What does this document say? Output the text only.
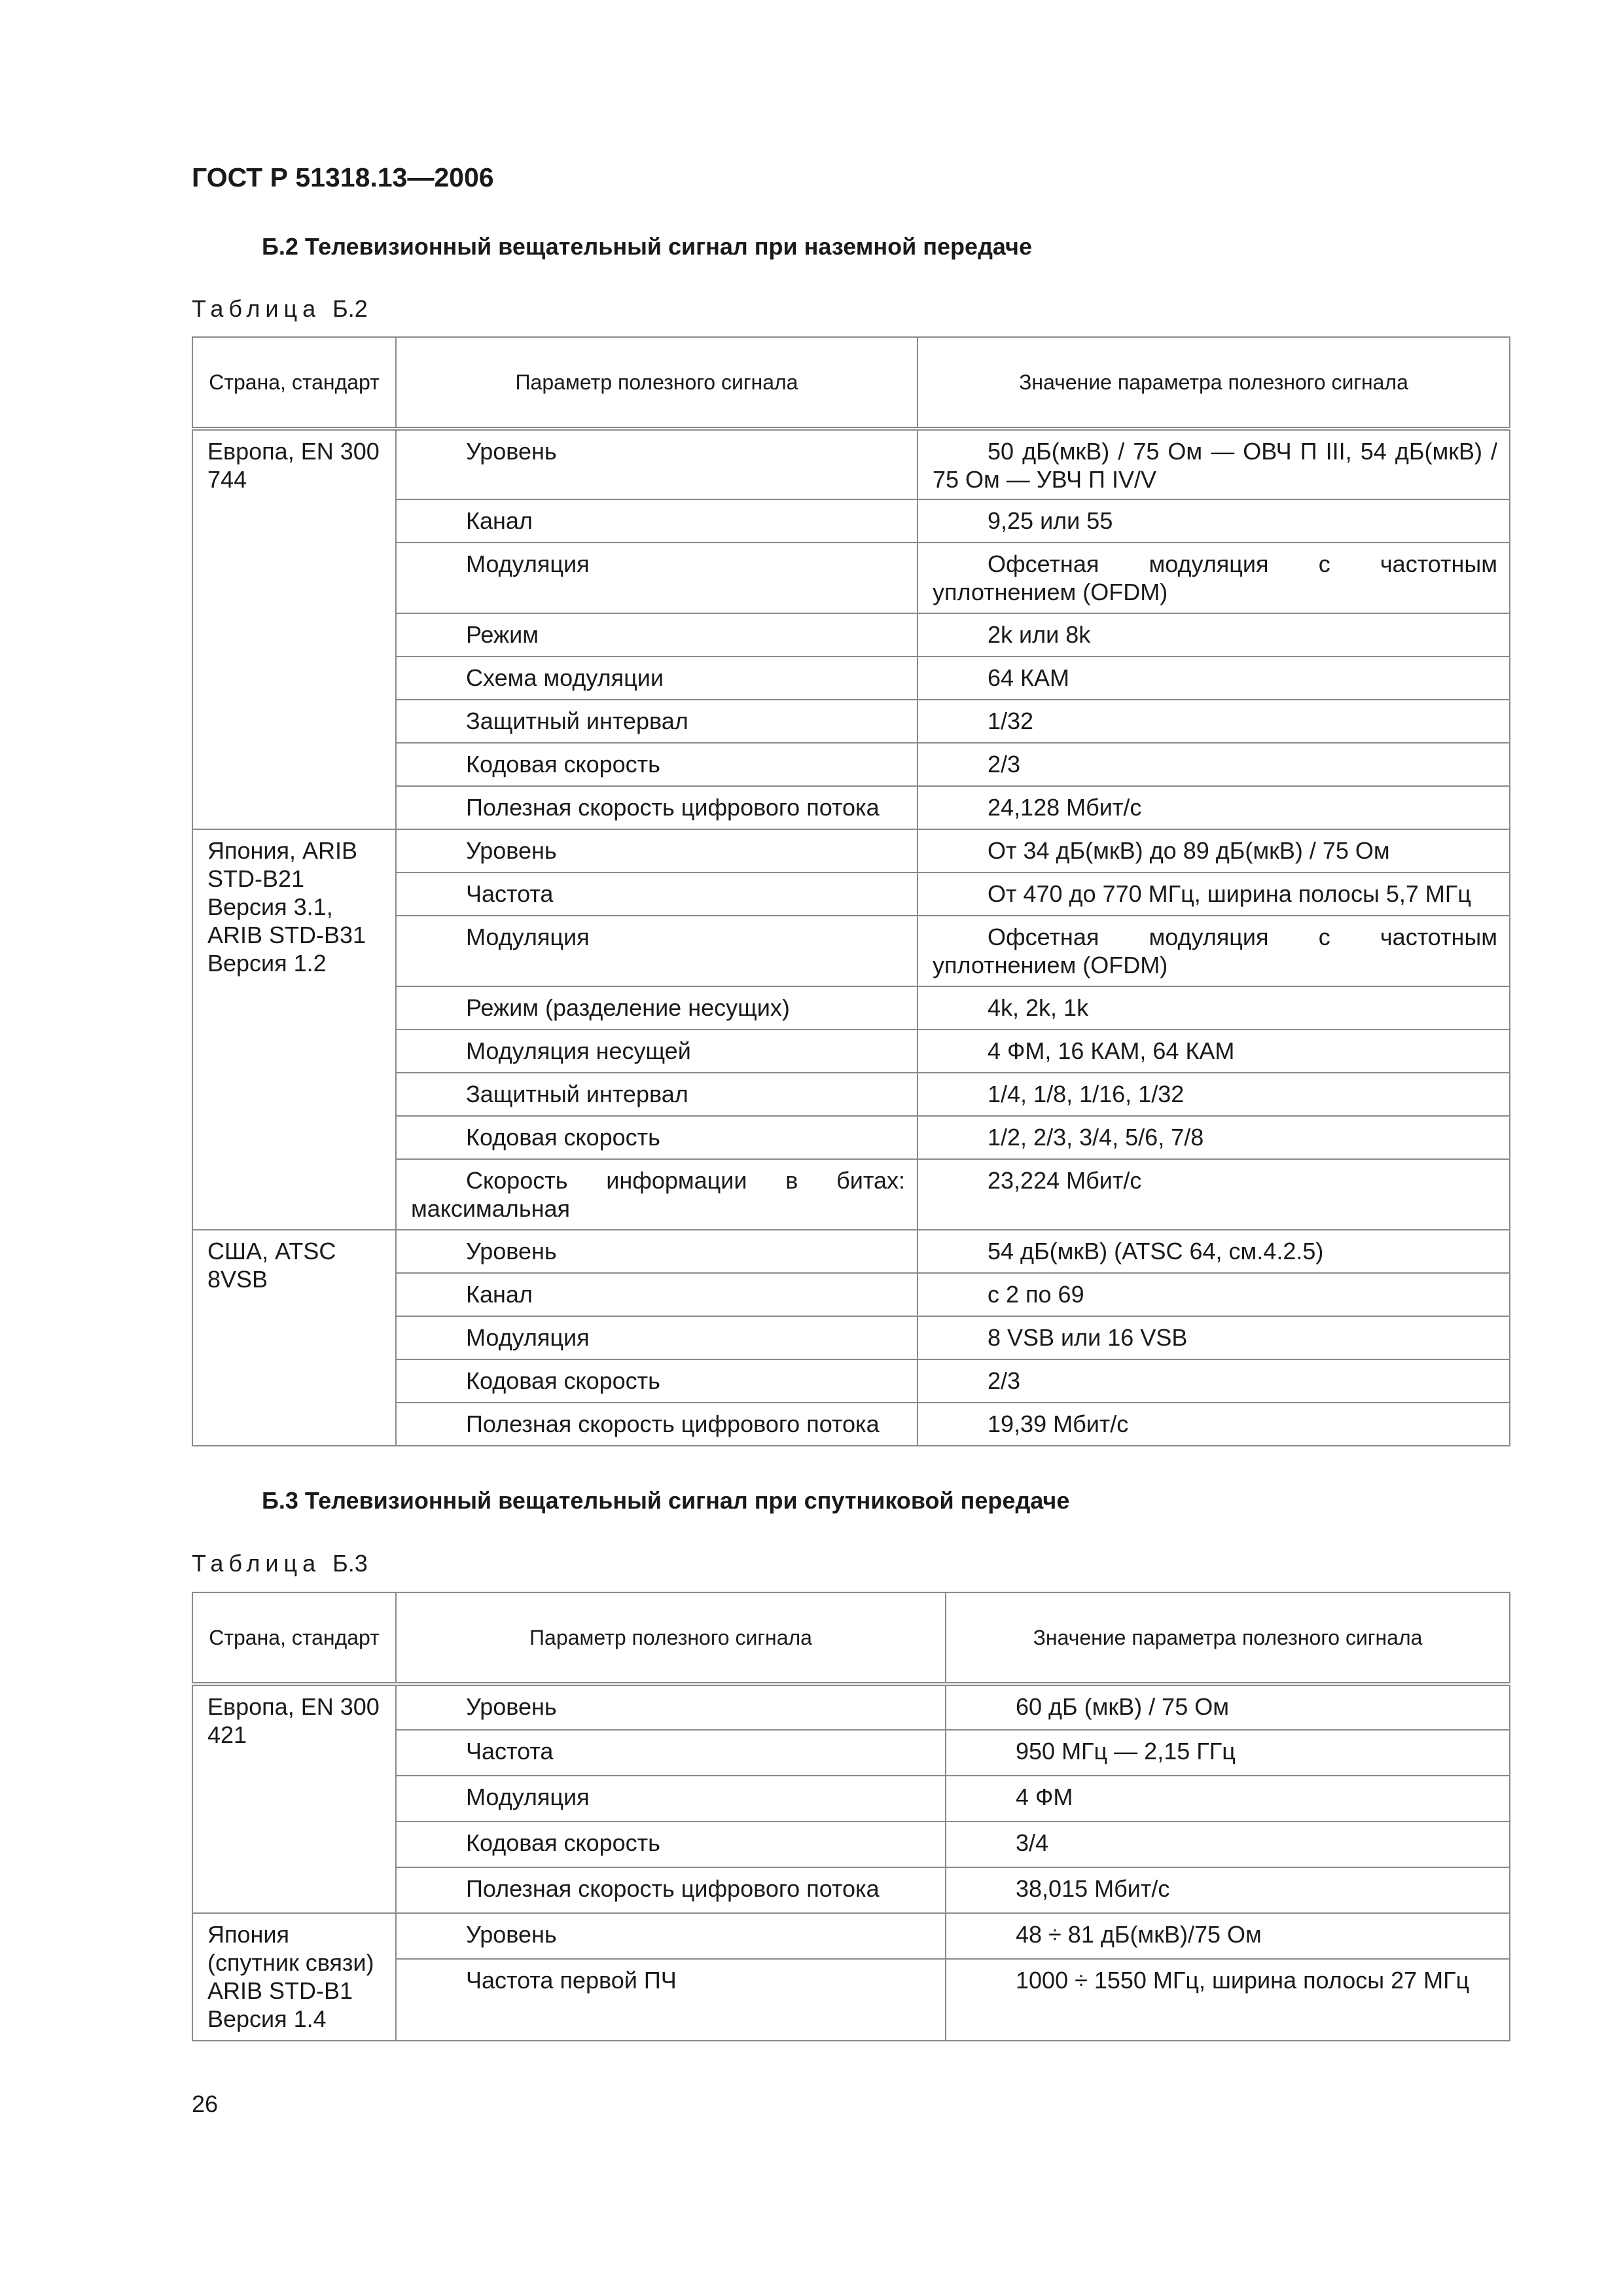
ГОСТ Р 51318.13—2006
Б.2 Телевизионный вещательный сигнал при наземной передаче
Таблица Б.2
Страна, стандарт	Параметр полезного сигнала	Значение параметра полезного сигнала
Европа, EN 300 744	Уровень	50 дБ(мкВ) / 75 Ом — ОВЧ П III, 54 дБ(мкВ) / 75 Ом — УВЧ П IV/V
	Канал	9,25 или 55
	Модуляция	Офсетная модуляция с частотным уплотнением (OFDM)
	Режим	2k или 8k
	Схема модуляции	64 КАМ
	Защитный интервал	1/32
	Кодовая скорость	2/3
	Полезная скорость цифрового потока	24,128 Мбит/с
Япония, ARIB STD-B21 Версия 3.1, ARIB STD-B31 Версия 1.2	Уровень	От 34 дБ(мкВ) до 89 дБ(мкВ) / 75 Ом
	Частота	От 470 до 770 МГц, ширина полосы 5,7 МГц
	Модуляция	Офсетная модуляция с частотным уплотнением (OFDM)
	Режим (разделение несущих)	4k, 2k, 1k
	Модуляция несущей	4 ФМ, 16 КАМ, 64 КАМ
	Защитный интервал	1/4, 1/8, 1/16, 1/32
	Кодовая скорость	1/2, 2/3, 3/4, 5/6, 7/8
	Скорость информации в битах: максимальная	23,224 Мбит/с
США, ATSC 8VSB	Уровень	54 дБ(мкВ) (ATSC 64, см.4.2.5)
	Канал	с 2 по 69
	Модуляция	8 VSB или 16 VSB
	Кодовая скорость	2/3
	Полезная скорость цифрового потока	19,39 Мбит/с
Б.3 Телевизионный вещательный сигнал при спутниковой передаче
Таблица Б.3
Страна, стандарт	Параметр полезного сигнала	Значение параметра полезного сигнала
Европа, EN 300 421	Уровень	60 дБ (мкВ) / 75 Ом
	Частота	950 МГц — 2,15 ГГц
	Модуляция	4 ФМ
	Кодовая скорость	3/4
	Полезная скорость цифрового потока	38,015 Мбит/с
Япония (спутник связи) ARIB STD-B1 Версия 1.4	Уровень	48 ÷ 81 дБ(мкВ)/75 Ом
	Частота первой ПЧ	1000 ÷ 1550 МГц, ширина полосы 27 МГц
26
